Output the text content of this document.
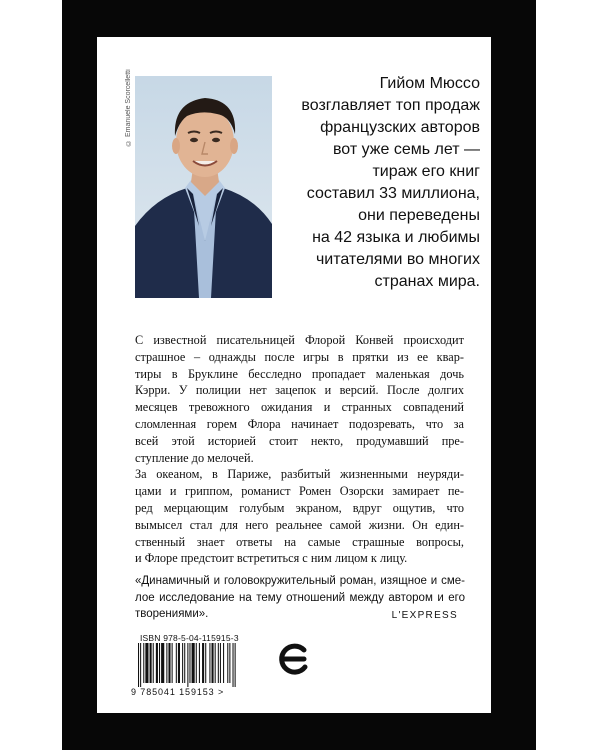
© Emanuele Scorcelletti	Гийом Мюссо
возглавляет топ продаж
французских авторов
вот уже семь лет —
тираж его книг
составил 33 миллиона,
они переведены
на 42 языка и любимы
читателями во многих
странах мира.
С известной писательницей Флорой Конвей происходит
страшное – однажды после игры в прятки из ее квар-
тиры в Бруклине бесследно пропадает маленькая дочь
Кэрри. У полиции нет зацепок и версий. После долгих
месяцев тревожного ожидания и странных совпадений
сломленная горем Флора начинает подозревать, что за
всей этой историей стоит некто, продумавший пре-
ступление до мелочей.
За океаном, в Париже, разбитый жизненными неуряди-
цами и гриппом, романист Ромен Озорски замирает пе-
ред мерцающим голубым экраном, вдруг ощутив, что
вымысел стал для него реальнее самой жизни. Он един-
ственный знает ответы на самые страшные вопросы,
и Флоре предстоит встретиться с ним лицом к лицу.
«Динамичный и головокружительный роман, изящное и сме-
лое исследование на тему отношений между автором и его
творениями».	L'EXPRESS
ISBN 978-5-04-115915-3
9 785041 159153 >
